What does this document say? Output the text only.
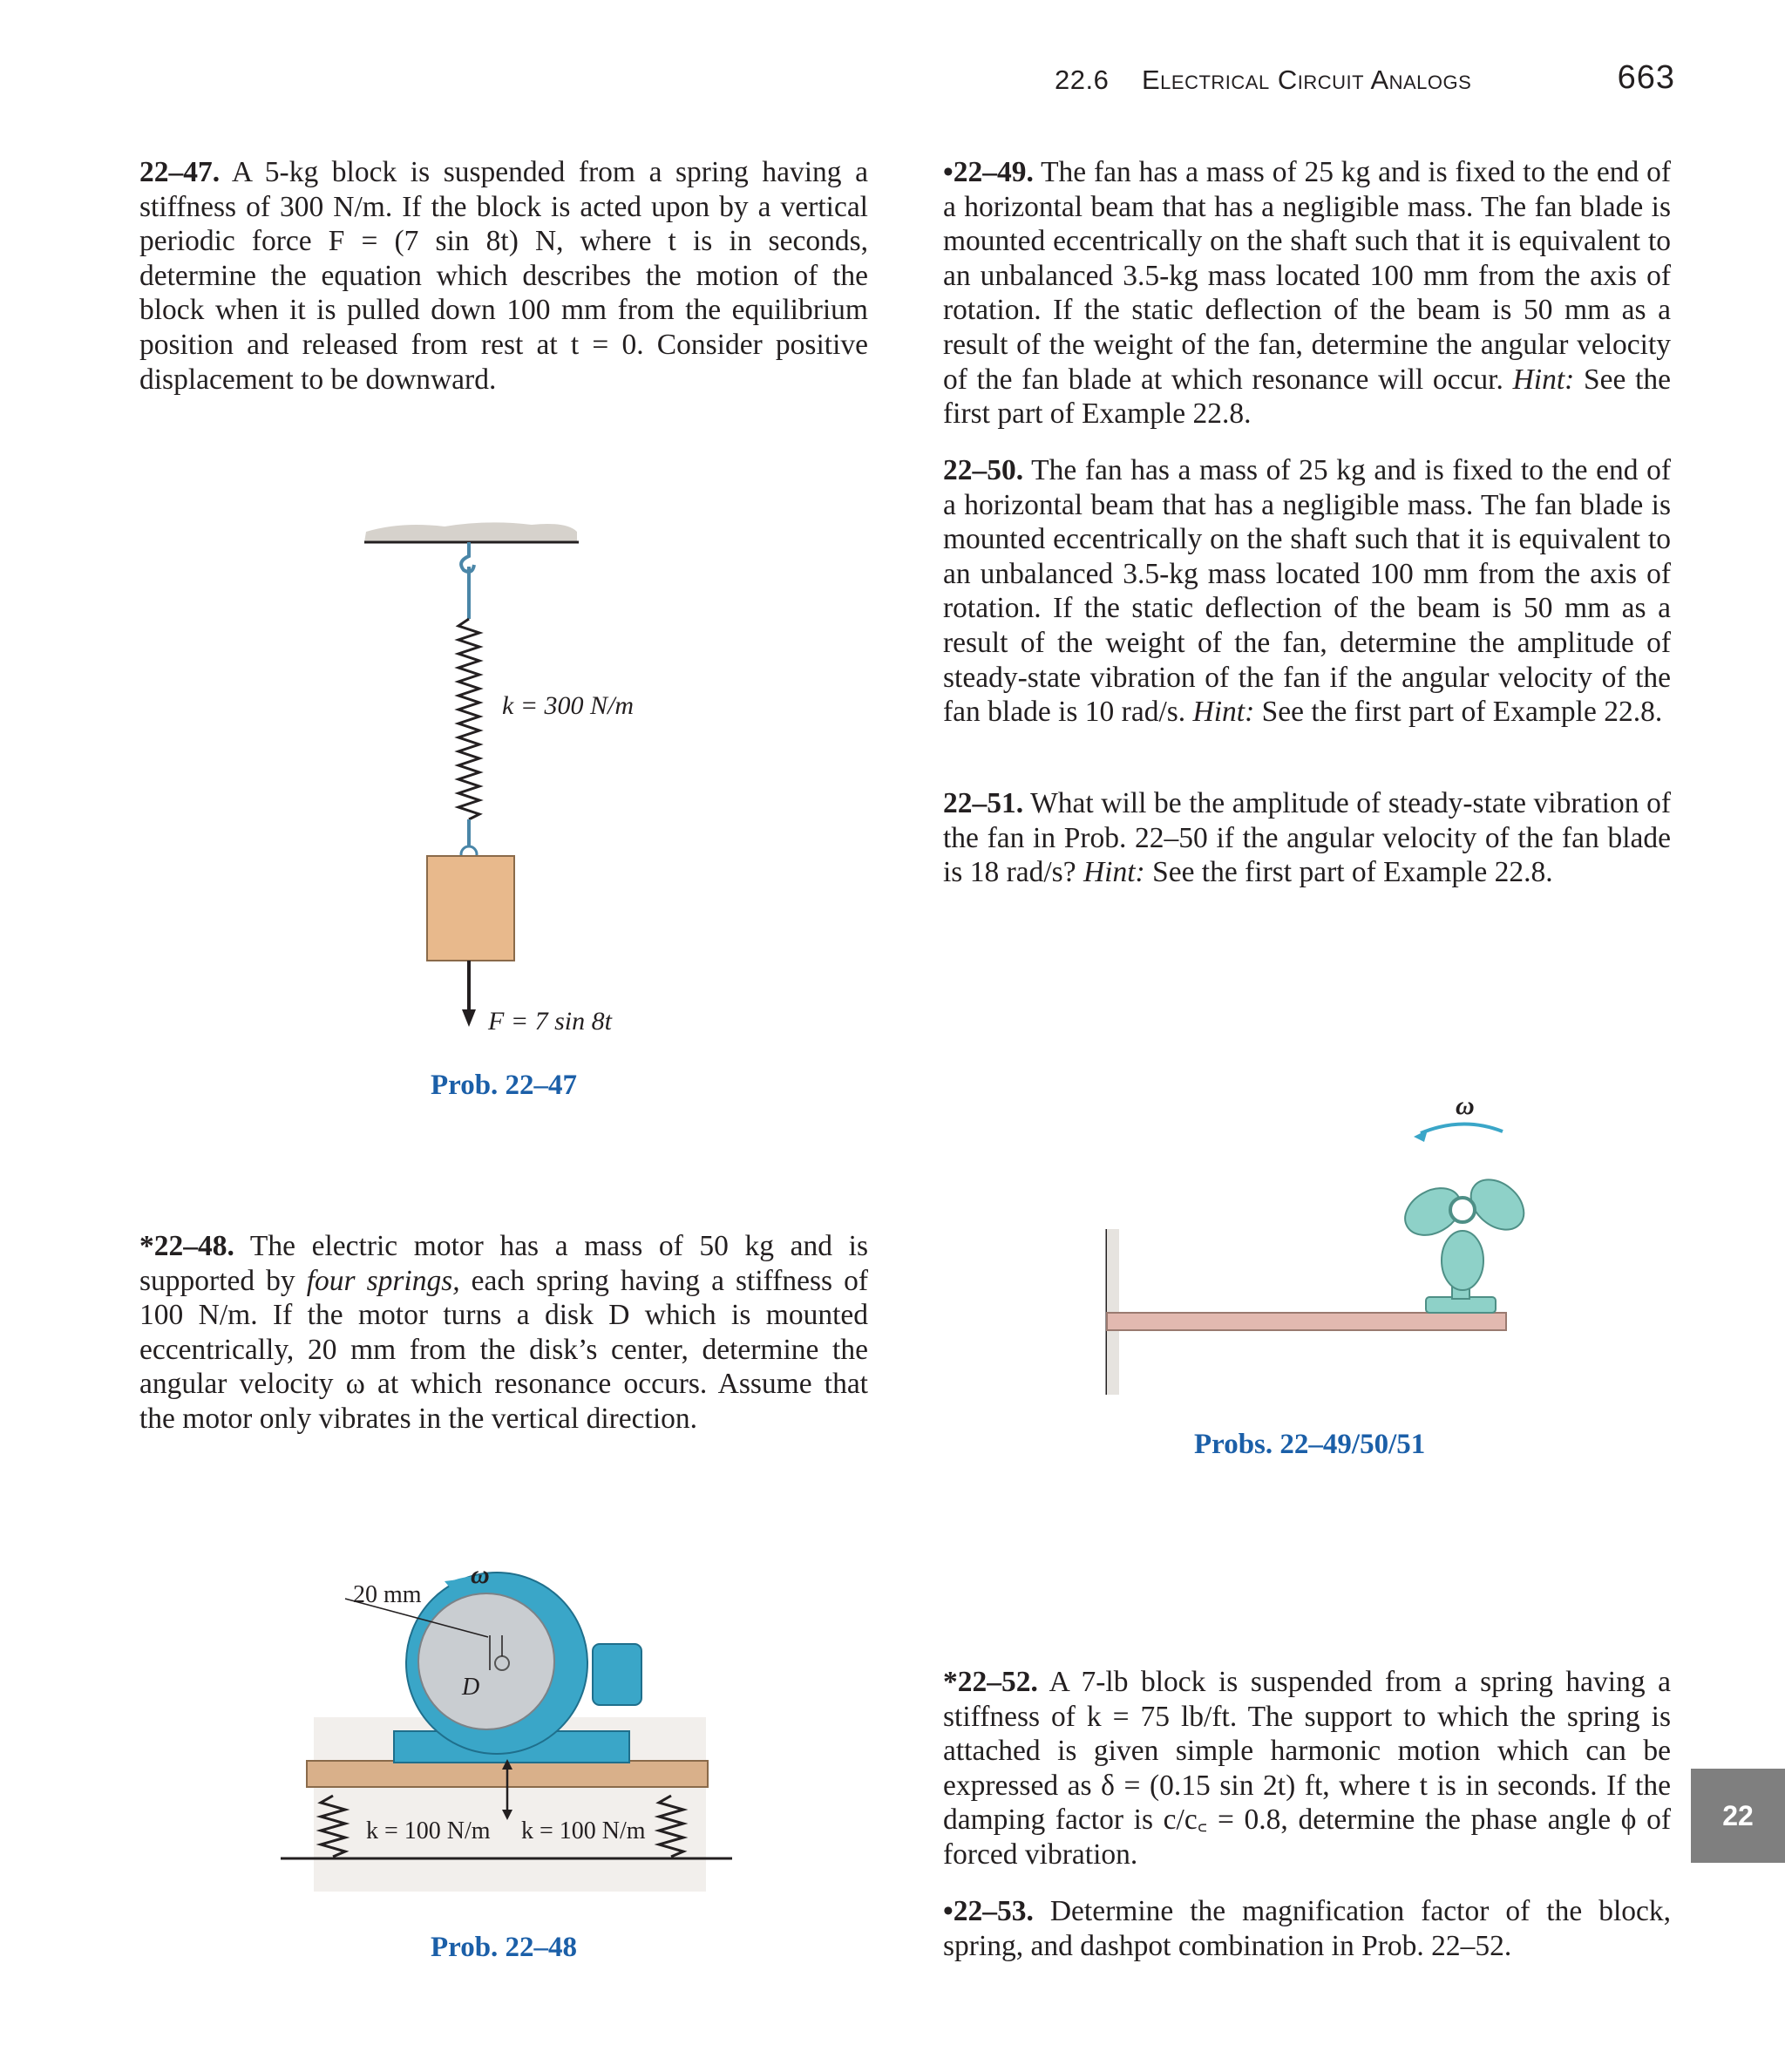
22.6 Electrical Circuit Analogs	663
22–47. A 5-kg block is suspended from a spring having a stiffness of 300 N/m. If the block is acted upon by a vertical periodic force F = (7 sin 8t) N, where t is in seconds, determine the equation which describes the motion of the block when it is pulled down 100 mm from the equilibrium position and released from rest at t = 0. Consider positive displacement to be downward.
k = 300 N/m
F = 7 sin 8t
Prob. 22–47
*22–48. The electric motor has a mass of 50 kg and is supported by four springs, each spring having a stiffness of 100 N/m. If the motor turns a disk D which is mounted eccentrically, 20 mm from the disk’s center, determine the angular velocity ω at which resonance occurs. Assume that the motor only vibrates in the vertical direction.
20 mm
ω
D
k = 100 N/m k = 100 N/m
Prob. 22–48
•22–49. The fan has a mass of 25 kg and is fixed to the end of a horizontal beam that has a negligible mass. The fan blade is mounted eccentrically on the shaft such that it is equivalent to an unbalanced 3.5-kg mass located 100 mm from the axis of rotation. If the static deflection of the beam is 50 mm as a result of the weight of the fan, determine the angular velocity of the fan blade at which resonance will occur. Hint: See the first part of Example 22.8.
22–50. The fan has a mass of 25 kg and is fixed to the end of a horizontal beam that has a negligible mass. The fan blade is mounted eccentrically on the shaft such that it is equivalent to an unbalanced 3.5-kg mass located 100 mm from the axis of rotation. If the static deflection of the beam is 50 mm as a result of the weight of the fan, determine the amplitude of steady-state vibration of the fan if the angular velocity of the fan blade is 10 rad/s. Hint: See the first part of Example 22.8.
22–51. What will be the amplitude of steady-state vibration of the fan in Prob. 22–50 if the angular velocity of the fan blade is 18 rad/s? Hint: See the first part of Example 22.8.
ω
Probs. 22–49/50/51
*22–52. A 7-lb block is suspended from a spring having a stiffness of k = 75 lb/ft. The support to which the spring is attached is given simple harmonic motion which can be expressed as δ = (0.15 sin 2t) ft, where t is in seconds. If the damping factor is c/c꜀ = 0.8, determine the phase angle ϕ of forced vibration.
•22–53. Determine the magnification factor of the block, spring, and dashpot combination in Prob. 22–52.
22
